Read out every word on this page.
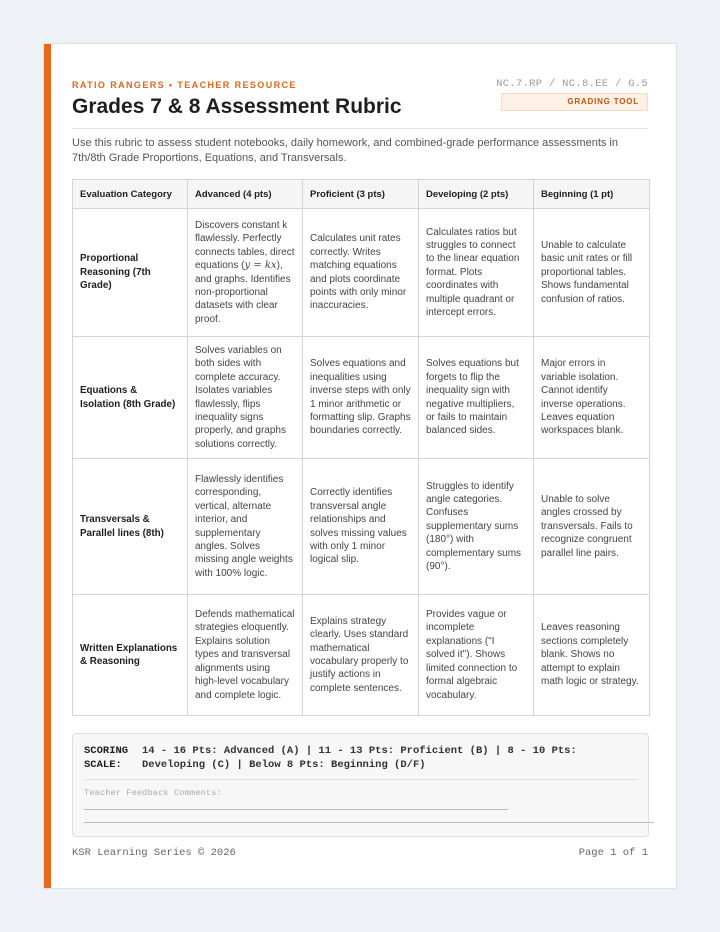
RATIO RANGERS • TEACHER RESOURCE
Grades 7 & 8 Assessment Rubric
NC.7.RP / NC.8.EE / G.5
GRADING TOOL

Use this rubric to assess student notebooks, daily homework, and combined-grade performance assessments in 7th/8th Grade Proportions, Equations, and Transversals.

Evaluation Category	Advanced (4 pts)	Proficient (3 pts)	Developing (2 pts)	Beginning (1 pt)
Proportional Reasoning (7th Grade)	Discovers constant k flawlessly. Perfectly connects tables, direct equations (y = kx), and graphs. Identifies non-proportional datasets with clear proof.	Calculates unit rates correctly. Writes matching equations and plots coordinate points with only minor inaccuracies.	Calculates ratios but struggles to connect to the linear equation format. Plots coordinates with multiple quadrant or intercept errors.	Unable to calculate basic unit rates or fill proportional tables. Shows fundamental confusion of ratios.
Equations & Isolation (8th Grade)	Solves variables on both sides with complete accuracy. Isolates variables flawlessly, flips inequality signs properly, and graphs solutions correctly.	Solves equations and inequalities using inverse steps with only 1 minor arithmetic or formatting slip. Graphs boundaries correctly.	Solves equations but forgets to flip the inequality sign with negative multipliers, or fails to maintain balanced sides.	Major errors in variable isolation. Cannot identify inverse operations. Leaves equation workspaces blank.
Transversals & Parallel lines (8th)	Flawlessly identifies corresponding, vertical, alternate interior, and supplementary angles. Solves missing angle weights with 100% logic.	Correctly identifies transversal angle relationships and solves missing values with only 1 minor logical slip.	Struggles to identify angle categories. Confuses supplementary sums (180°) with complementary sums (90°).	Unable to solve angles crossed by transversals. Fails to recognize congruent parallel line pairs.
Written Explanations & Reasoning	Defends mathematical strategies eloquently. Explains solution types and transversal alignments using high-level vocabulary and complete logic.	Explains strategy clearly. Uses standard mathematical vocabulary properly to justify actions in complete sentences.	Provides vague or incomplete explanations ("I solved it"). Shows limited connection to formal algebraic vocabulary.	Leaves reasoning sections completely blank. Shows no attempt to explain math logic or strategy.
SCORING SCALE:
14 - 16 Pts: Advanced (A) | 11 - 13 Pts: Proficient (B) | 8 - 10 Pts: Developing (C) | Below 8 Pts: Beginning (D/F)
Teacher Feedback Comments:
KSR Learning Series © 2026	Page 1 of 1
